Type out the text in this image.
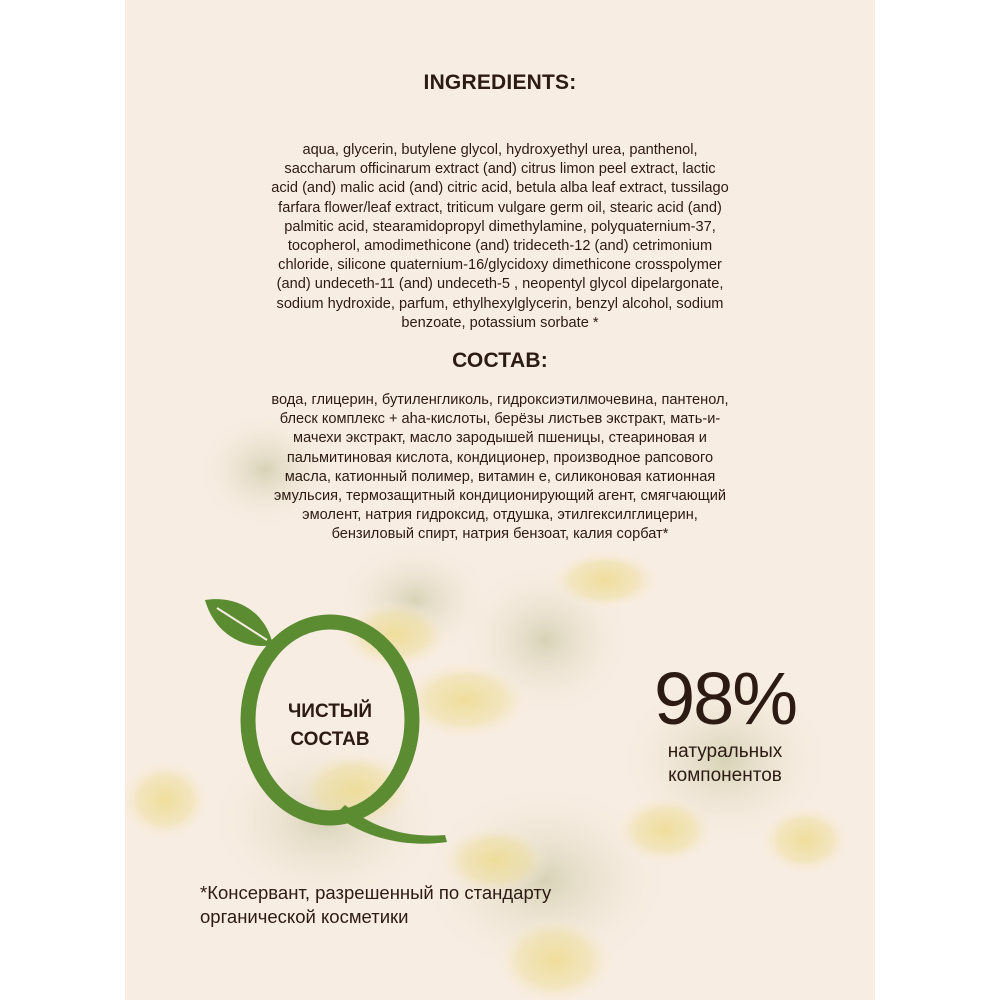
INGREDIENTS:
aqua, glycerin, butylene glycol, hydroxyethyl urea, panthenol,
saccharum officinarum extract (and) citrus limon peel extract, lactic
acid (and) malic acid (and) citric acid, betula alba leaf extract, tussilago
farfara flower/leaf extract, triticum vulgare germ oil, stearic acid (and)
palmitic acid, stearamidopropyl dimethylamine, polyquaternium-37,
tocopherol, amodimethicone (and) trideceth-12 (and) cetrimonium
chloride, silicone quaternium-16/glycidoxy dimethicone crosspolymer
(and) undeceth-11 (and) undeceth-5 , neopentyl glycol dipelargonate,
sodium hydroxide, parfum, ethylhexylglycerin, benzyl alcohol, sodium
benzoate, potassium sorbate *
СОСТАВ:
вода, глицерин, бутиленгликоль, гидроксиэтилмочевина, пантенол,
блеск комплекс + aha-кислоты, берёзы листьев экстракт, мать-и-
мачехи экстракт, масло зародышей пшеницы, стеариновая и
пальмитиновая кислота, кондиционер, производное рапсового
масла, катионный полимер, витамин е, силиконовая катионная
эмульсия, термозащитный кондиционирующий агент, смягчающий
эмолент, натрия гидроксид, отдушка, этилгексилглицерин,
бензиловый спирт, натрия бензоат, калия сорбат*
ЧИСТЫЙ
СОСТАВ	98%
натуральных
компонентов
*Консервант, разрешенный по стандарту
органической косметики
